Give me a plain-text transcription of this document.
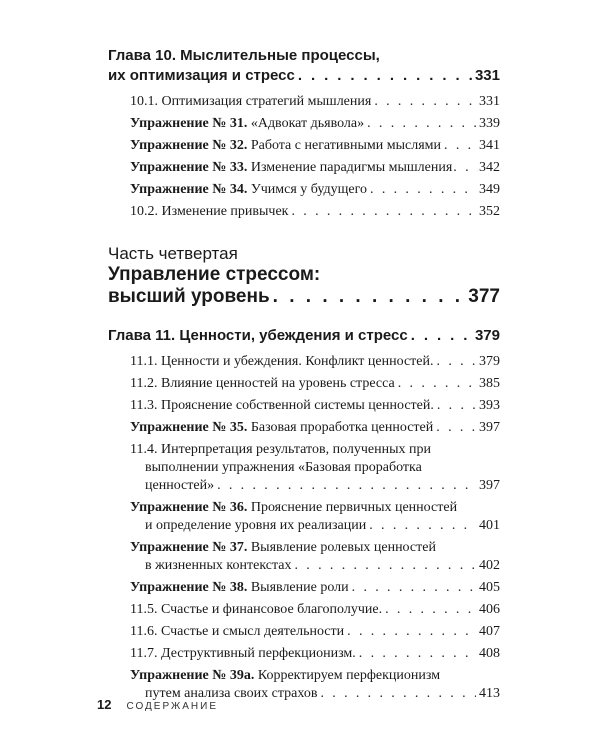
Глава 10. Мыслительные процессы,
их оптимизация и стресс . . .	331
10.1. Оптимизация стратегий мышления . . .	331
Упражнение № 31. «Адвокат дьявола» . . .	339
Упражнение № 32. Работа с негативными мыслями . . .	341
Упражнение № 33. Изменение парадигмы мышления . . . 342
Упражнение № 34. Учимся у будущего . . .	349
10.2. Изменение привычек . . .	352
Часть четвертая
Управление стрессом:
высший уровень . . .	377
Глава 11. Ценности, убеждения и стресс . . .	379
11.1. Ценности и убеждения. Конфликт ценностей. . . .	379
11.2. Влияние ценностей на уровень стресса . . .	385
11.3. Прояснение собственной системы ценностей. . . .	393
Упражнение № 35. Базовая проработка ценностей . . .	397
11.4. Интерпретация результатов, полученных при
выполнении упражнения «Базовая проработка
ценностей» . . .	397
Упражнение № 36. Прояснение первичных ценностей
и определение уровня их реализации . . .	401
Упражнение № 37. Выявление ролевых ценностей
в жизненных контекстах . . .	402
Упражнение № 38. Выявление роли . . .	405
11.5. Счастье и финансовое благополучие. . . .	406
11.6. Счастье и смысл деятельности . . .	407
11.7. Деструктивный перфекционизм. . . .	408
Упражнение № 39а. Корректируем перфекционизм
путем анализа своих страхов . . .	413
12 СОДЕРЖАНИЕ
